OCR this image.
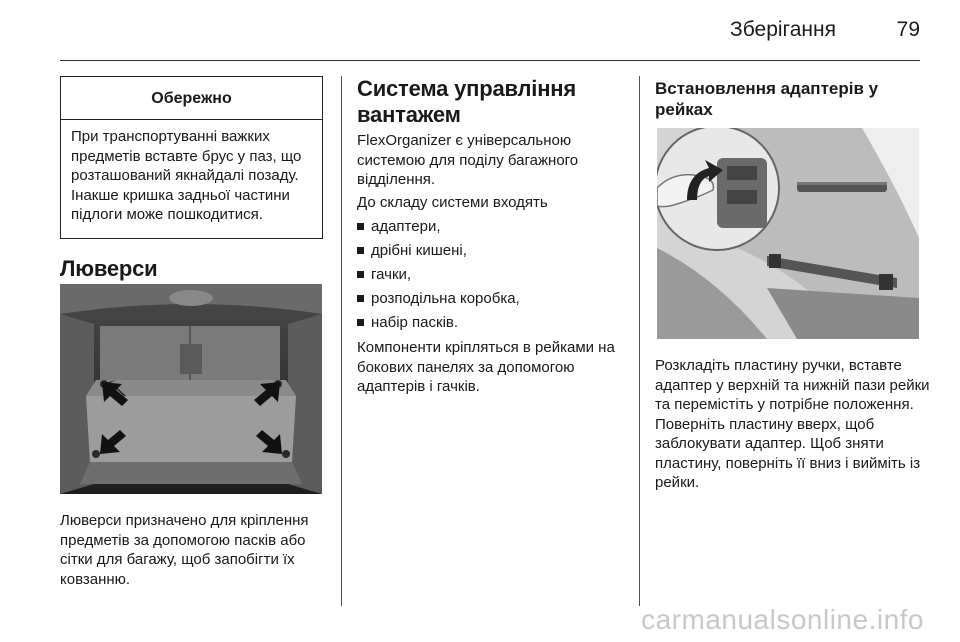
Зберігання	79
Обережно
При транспортуванні важких предметів вставте брус у паз, що розташований якнайдалі позаду. Інакше кришка задньої частини підлоги може пошкодитися.
Люверси
Люверси призначено для кріплення предметів за допомогою пасків або сітки для багажу, щоб запобігти їх ковзанню.
Система управління вантажем
FlexOrganizer є універсальною системою для поділу багажного відділення.
До складу системи входять
адаптери,
дрібні кишені,
гачки,
розподільна коробка,
набір пасків.
Компоненти кріпляться в рейками на бокових панелях за допомогою адаптерів і гачків.
Встановлення адаптерів у рейках
Розкладіть пластину ручки, вставте адаптер у верхній та нижній пази рейки та перемістіть у потрібне положення. Поверніть пластину вверх, щоб заблокувати адаптер. Щоб зняти пластину, поверніть її вниз і вийміть із рейки.
carmanualsonline.info
